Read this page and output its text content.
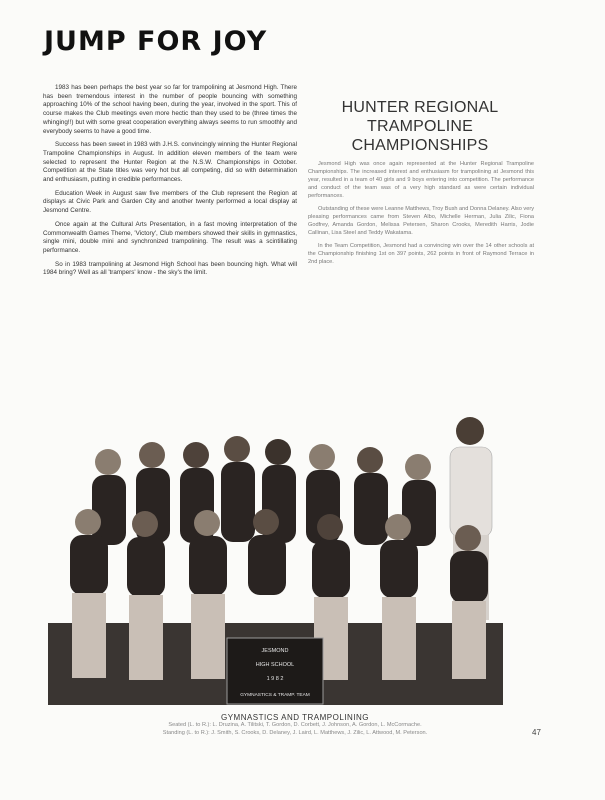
JUMP FOR JOY

1983 has been perhaps the best year so far for trampolining at Jesmond High. There has been tremendous interest in the number of people bouncing with something approaching 10% of the school having been, during the year, involved in the sport. This of course makes the Club meetings even more hectic than they used to be (three times the whinging!!) but with some great cooperation everything always seems to run smoothly and everybody seems to have a good time.

Success has been sweet in 1983 with J.H.S. convincingly winning the Hunter Regional Trampoline Championships in August. In addition eleven members of the team were selected to represent the Hunter Region at the N.S.W. Championships in October. Competition at the State titles was very hot but all competing, did so with determination and enthusiasm, putting in credible performances.

Education Week in August saw five members of the Club represent the Region at displays at Civic Park and Garden City and another twenty performed a local display at Jesmond Centre.

Once again at the Cultural Arts Presentation, in a fast moving interpretation of the Commonwealth Games Theme, 'Victory', Club members showed their skills in gymnastics, single mini, double mini and synchronized trampolining. The result was a scintillating performance.

So in 1983 trampolining at Jesmond High School has been bouncing high. What will 1984 bring? Well as all 'trampers' know - the sky's the limit.

HUNTER REGIONAL
TRAMPOLINE CHAMPIONSHIPS

Jesmond High was once again represented at the Hunter Regional Trampoline Championships. The increased interest and enthusiasm for trampolining at Jesmond this year, resulted in a team of 40 girls and 9 boys entering into competition. The performance and conduct of the team was of a very high standard as were certain individual performances.

Outstanding of these were Leanne Matthews, Troy Bush and Donna Delaney. Also very pleasing performances came from Steven Albo, Michelle Herman, Julia Zilic, Fiona Godfrey, Amanda Gordon, Melissa Petersen, Sharon Crooks, Meredith Harris, Jodie Callinan, Lisa Steel and Teddy Wakatama.

In the Team Competition, Jesmond had a convincing win over the 14 other schools at the Championship finishing 1st on 397 points, 262 points in front of Raymond Terrace in 2nd place.

JESMOND
HIGH SCHOOL
1 9 8 2
GYMNASTICS & TRAMP. TEAM
GYMNASTICS AND TRAMPOLINING
Seated (L. to R.): L. Druzina, A. Tilitski, T. Gordon, D. Corbett, J. Johnson, A. Gordon, L. McCormache.
Standing (L. to R.): J. Smith, S. Crooks, D. Delaney, J. Laird, L. Matthews, J. Zilic, L. Attwood, M. Peterson.	47
